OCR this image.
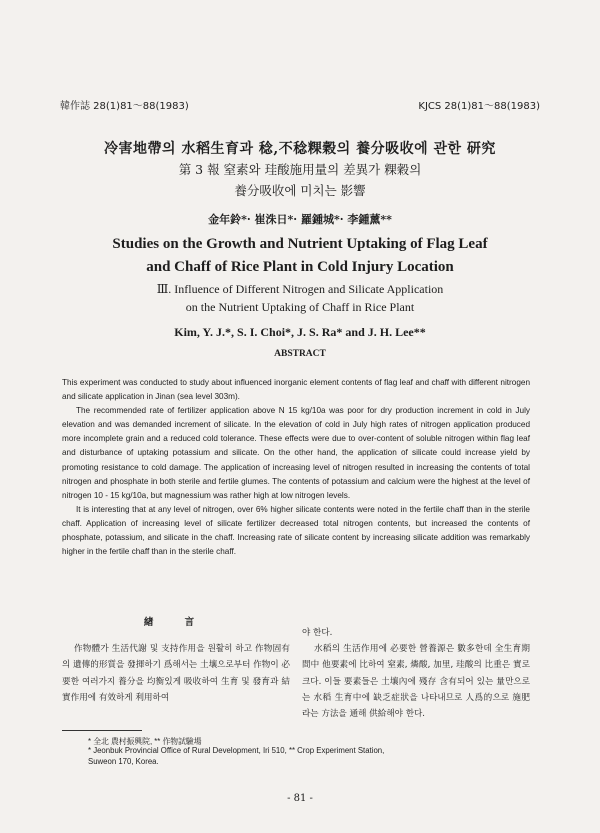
韓作誌 28(1)81～88(1983)	KJCS 28(1)81～88(1983)
冷害地帶의 水稻生育과 稔,不稔粿穀의 養分吸收에 관한 研究
第 3 報 窒素와 珪酸施用量의 差異가 粿穀의
養分吸收에 미치는 影響
金年鈴*· 崔洙日*· 羅鍾城*· 李鍾薰**
Studies on the Growth and Nutrient Uptaking of Flag Leaf
and Chaff of Rice Plant in Cold Injury Location
Ⅲ. Influence of Different Nitrogen and Silicate Application
on the Nutrient Uptaking of Chaff in Rice Plant
Kim, Y. J.*, S. I. Choi*, J. S. Ra* and J. H. Lee**
ABSTRACT

This experiment was conducted to study about influenced inorganic element contents of flag leaf and chaff with different nitrogen and silicate application in Jinan (sea level 303m).

The recommended rate of fertilizer application above N 15 kg/10a was poor for dry production increment in cold in July elevation and was demanded increment of silicate. In the elevation of cold in July high rates of nitrogen application produced more incomplete grain and a reduced cold tolerance. These effects were due to over-content of soluble nitrogen within flag leaf and disturbance of uptaking potassium and silicate. On the other hand, the application of silicate could increase yield by promoting resistance to cold damage. The application of increasing level of nitrogen resulted in increasing the contents of total nitrogen and phosphate in both sterile and fertile glumes. The contents of potassium and calcium were the highest at the level of nitrogen 10 - 15 kg/10a, but magnessium was rather high at low nitrogen levels.

It is interesting that at any level of nitrogen, over 6% higher silicate contents were noted in the fertile chaff than in the sterile chaff. Application of increasing level of silicate fertilizer decreased total nitrogen contents, but increased the contents of phosphate, potassium, and silicate in the chaff. Increasing rate of silicate content by increasing silicate addition was remarkably higher in the fertile chaff than in the sterile chaff.

緖 言

作物體가 生活代謝 및 支持作用을 원활히 하고 作物固有의 遺傳的形質을 發揮하기 爲해서는 土壤으로부터 作物이 必要한 여러가지 養分을 均衡있게 吸收하여 生育 및 發育과 結實作用에 有效하게 利用하여

야 한다.

水稻의 生活作用에 必要한 營養源은 數多한데 全生育期間中 他要素에 比하여 窒素, 燐酸, 加里, 珪酸의 比重은 實로 크다. 이들 要素들은 土壤內에 殘存 含有되어 있는 量만으로는 水稻 生育中에 缺乏症狀을 나타내므로 人爲的으로 施肥라는 方法을 通해 供給해야 한다.

* 全北 農村振興院, ** 作物試驗場
* Jeonbuk Provincial Office of Rural Development, Iri 510, ** Crop Experiment Station,
Suweon 170, Korea.
- 81 -
